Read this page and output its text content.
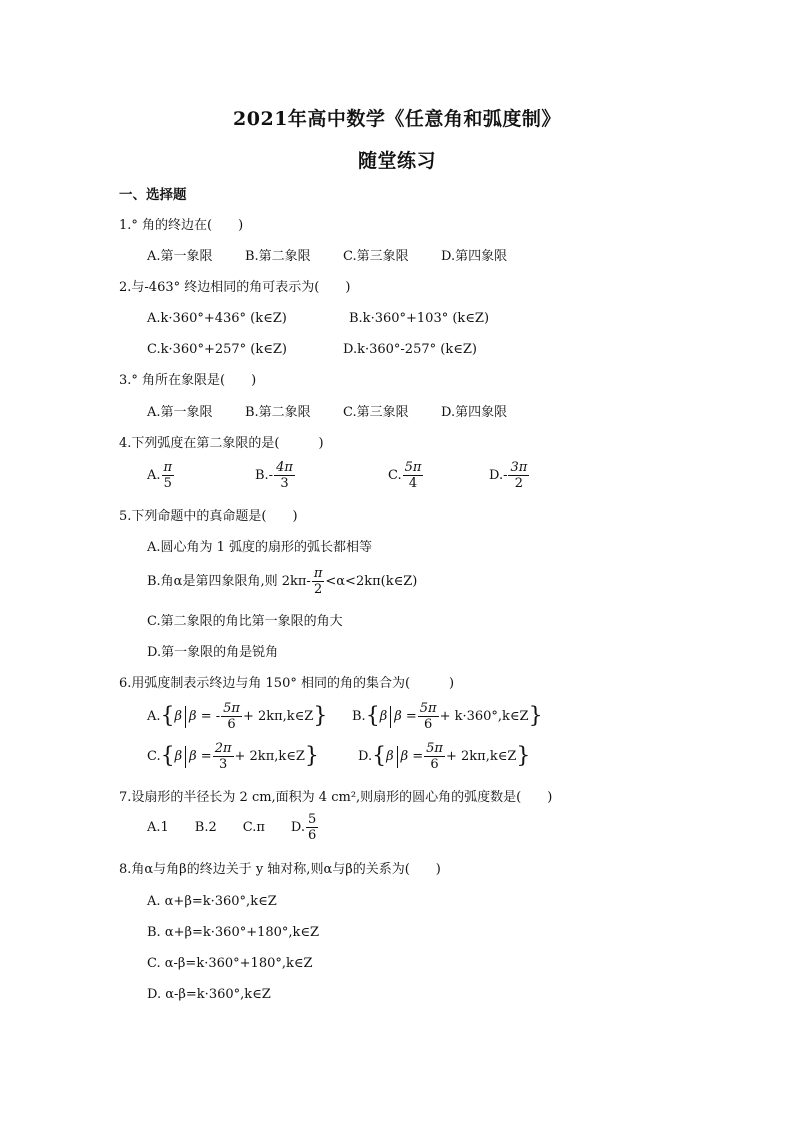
2021年高中数学《任意角和弧度制》
随堂练习
一、选择题
1.° 角的终边在(　　)
A.第一象限 B.第二象限 C.第三象限 D.第四象限
2.与-463° 终边相同的角可表示为(　　)
A.k·360°+436° (k∈Z)	B.k·360°+103° (k∈Z)
C.k·360°+257° (k∈Z)	D.k·360°-257° (k∈Z)
3.° 角所在象限是(　　)
A.第一象限 B.第二象限 C.第三象限 D.第四象限
4.下列弧度在第二象限的是(　　　)
A. $\frac{\pi}{5}$	$B.- \frac{4\pi}{3}$	C. $\frac{5\pi}{4}$	$D.- \frac{3\pi}{2}$
5.下列命题中的真命题是(　　)
A.圆心角为 1 弧度的扇形的弧长都相等
B.角α是第四象限角,则 $2k\pi- \frac{\pi}{2}$ <α<2kπ(k∈Z)
C.第二象限的角比第一象限的角大
D.第一象限的角是锐角
6.用弧度制表示终边与角 150° 相同的角的集合为(　　　)
A.{β β = - $\frac{5\pi}{6}$ + 2kπ,k∈Z} B.{β $\beta = \frac{5\pi}{6}$ + k·360°,k∈Z}
C.{β $\beta = \frac{2\pi}{3}$ + 2kπ,k∈Z}	D.{β $\beta = \frac{5\pi}{6}$ + 2kπ,k∈Z}
7.设扇形的半径长为 2 cm,面积为 4 cm²,则扇形的圆心角的弧度数是(　　)
A.1　　B.2　　C.π　　D. $\frac{5}{6}$
8.角α与角β的终边关于 y 轴对称,则α与β的关系为(　　)
A. α+β=k·360°,k∈Z
B. α+β=k·360°+180°,k∈Z
C. α-β=k·360°+180°,k∈Z
D. α-β=k·360°,k∈Z
